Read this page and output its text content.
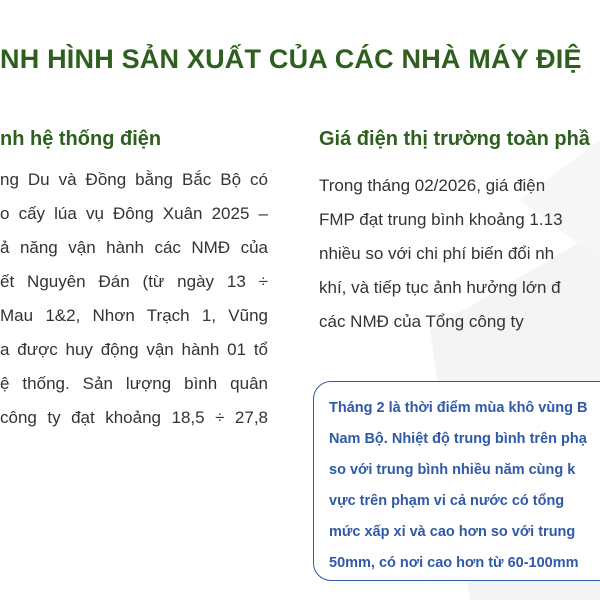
NH HÌNH SẢN XUẤT CỦA CÁC NHÀ MÁY ĐIỆ
nh hệ thống điện
ng Du và Đồng bằng Bắc Bộ có
o cấy lúa vụ Đông Xuân 2025 –
ả năng vận hành các NMĐ của
ết Nguyên Đán (từ ngày 13 ÷
Mau 1&2, Nhơn Trạch 1, Vũng
a được huy động vận hành 01 tổ
ệ thống. Sản lượng bình quân
công ty đạt khoảng 18,5 ÷ 27,8
Giá điện thị trường toàn phầ
Trong tháng 02/2026, giá điện
FMP đạt trung bình khoảng 1.13
nhiều so với chi phí biến đổi nh
khí, và tiếp tục ảnh hưởng lớn đ
các NMĐ của Tổng công ty
Tháng 2 là thời điểm mùa khô vùng B
Nam Bộ. Nhiệt độ trung bình trên phạ
so với trung bình nhiều năm cùng k
vực trên phạm vi cả nước có tổng
mức xấp xỉ và cao hơn so với trung
50mm, có nơi cao hơn từ 60-100mm
